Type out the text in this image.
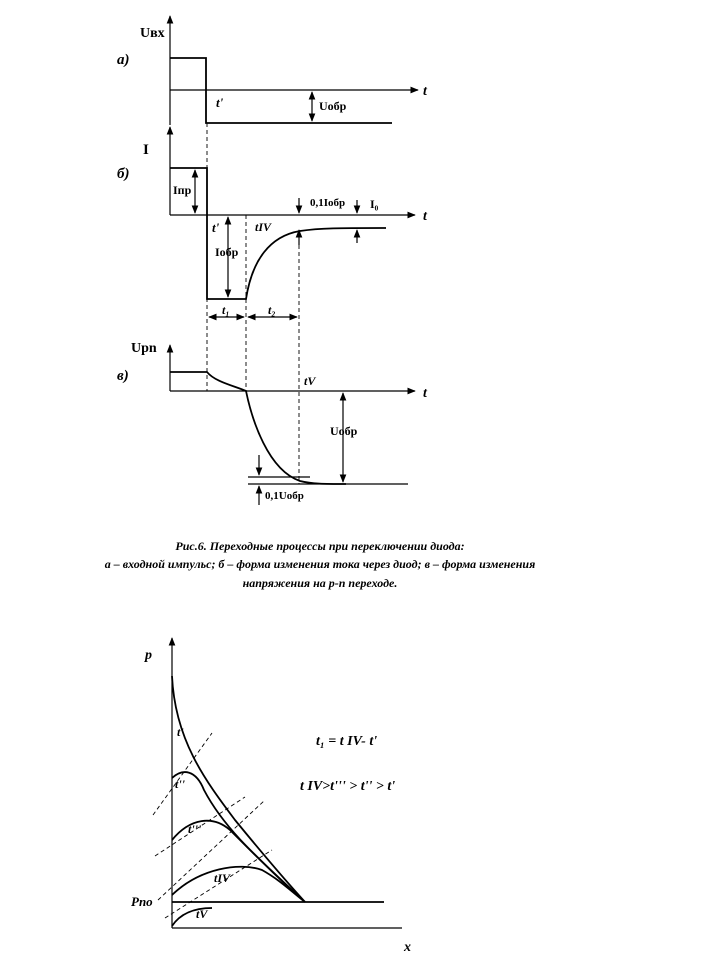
Uвх
а)
t
t'	Uобр
I
б)
t
Iпр
t'
Iобр
tIV
0,1Iобр I₀
t₁	t₂
Upn
в)
t
tV
Uобр
0,1Uобр
p
x
Pno
t'
t''
t'''
tIV
tV
t₁ = t IV- t'
t IV>t''' > t'' > t'
Рис.6. Переходные процессы при переключении диода:
а – входной импульс; б – форма изменения тока через диод; в – форма изменения
напряжения на p-n переходе.
